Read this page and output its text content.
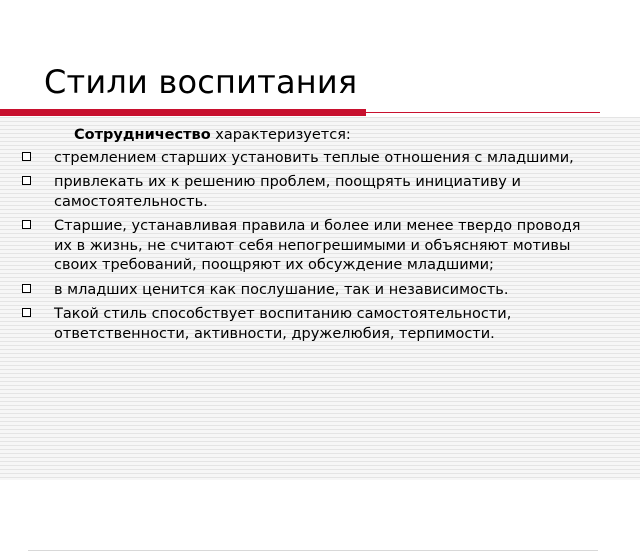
Стили воспитания

Сотрудничество характеризуется:

стремлением старших установить теплые отношения с младшими,
привлекать их к решению проблем, поощрять инициативу и самостоятельность.
Старшие, устанавливая правила и более или менее твердо проводя их в жизнь, не считают себя непогрешимыми и объясняют мотивы своих требований, поощряют их обсуждение младшими;
в младших ценится как послушание, так и независимость.
Такой стиль способствует воспитанию самостоятельности, ответственности, активности, дружелюбия, терпимости.
